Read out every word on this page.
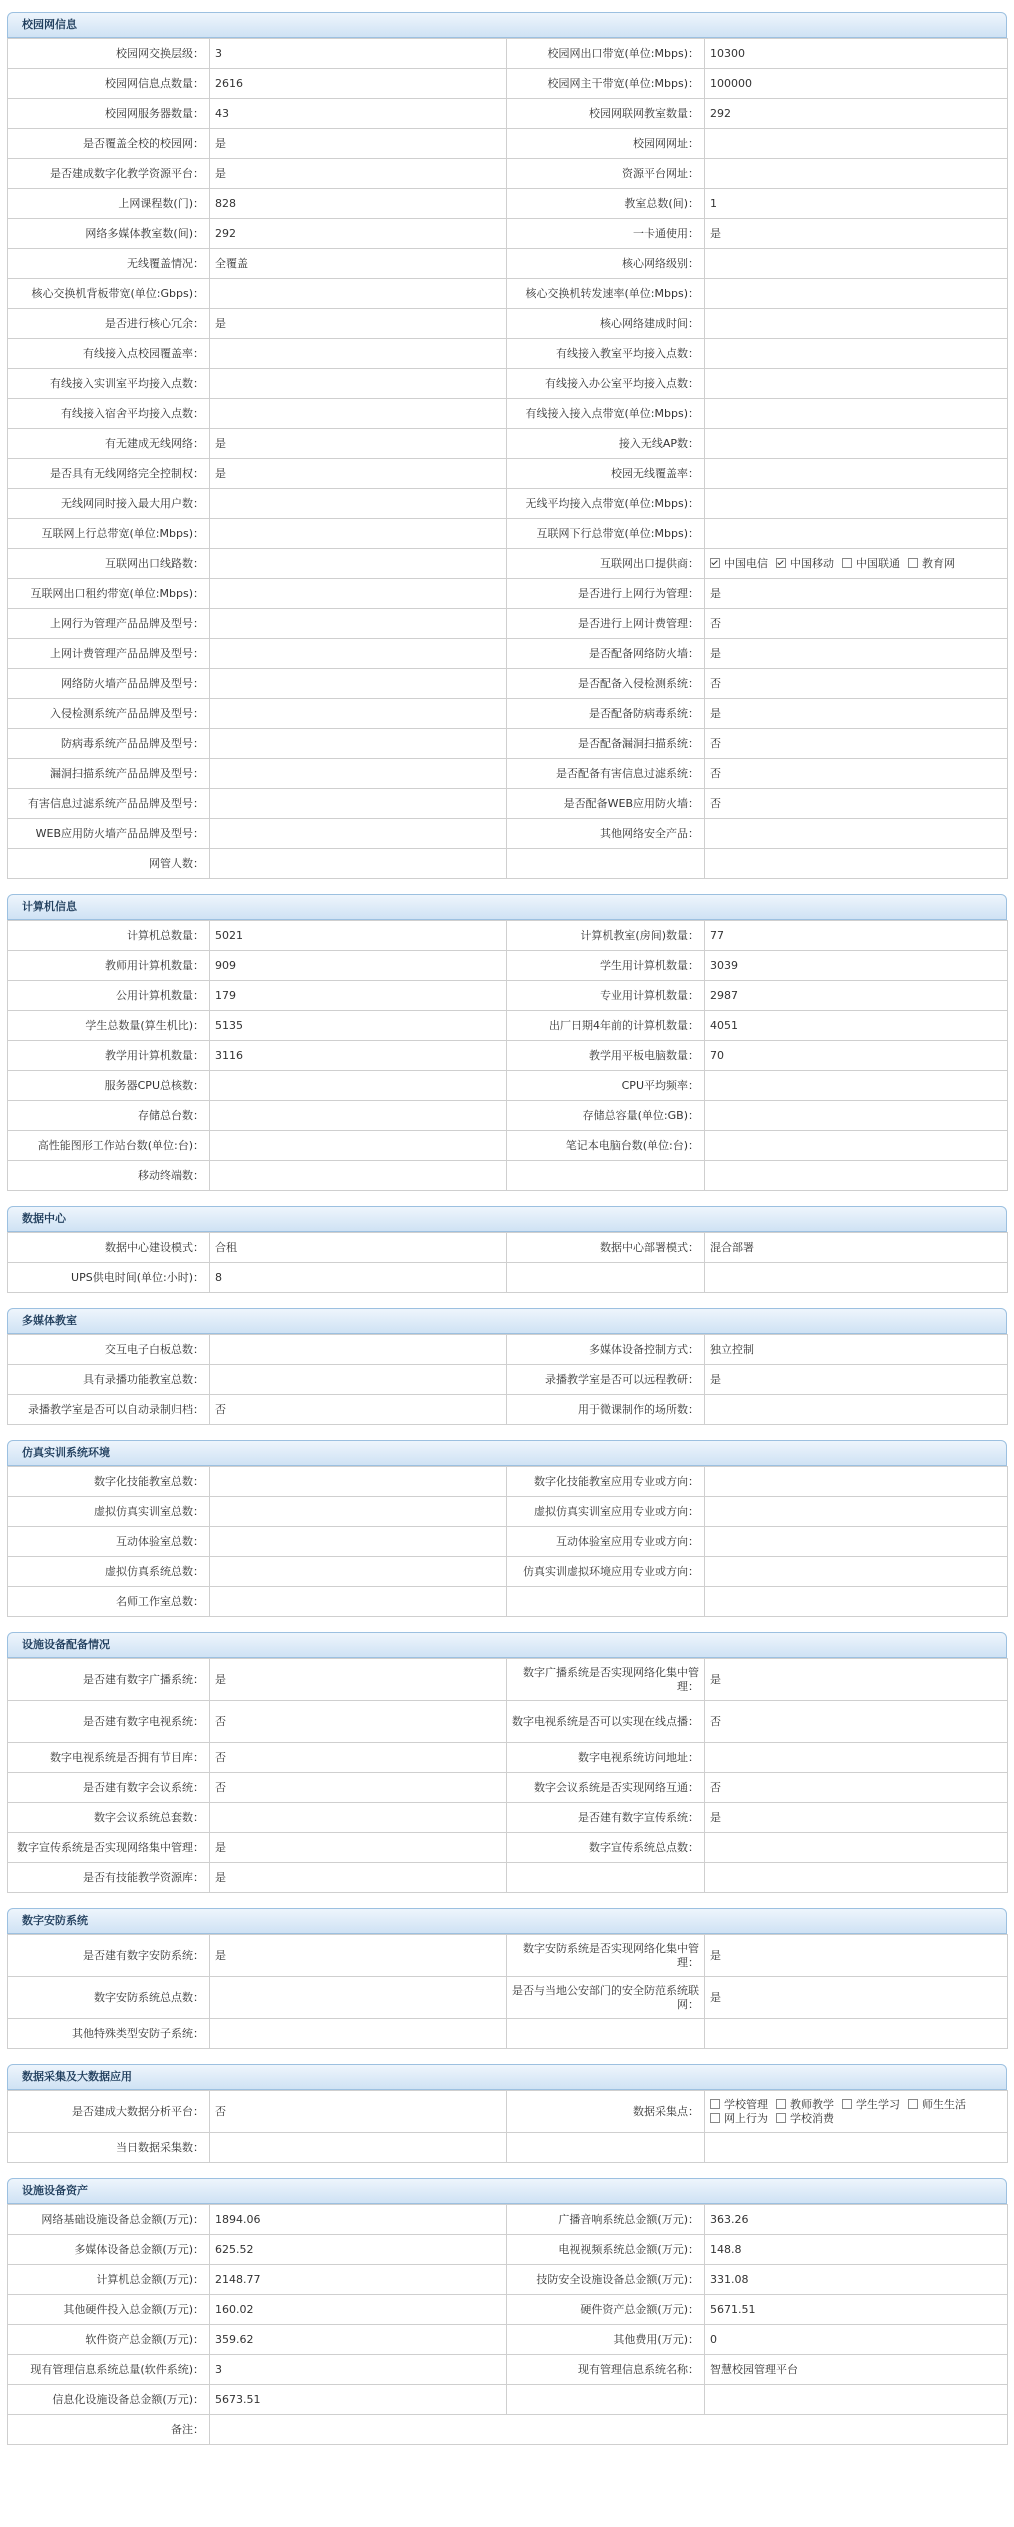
校园网信息
校园网交换层级：	3	校园网出口带宽(单位:Mbps)：	10300
校园网信息点数量：	2616	校园网主干带宽(单位:Mbps)：	100000
校园网服务器数量：	43	校园网联网教室数量：	292
是否覆盖全校的校园网：	是	校园网网址：	
是否建成数字化教学资源平台：	是	资源平台网址：	
上网课程数(门)：	828	教室总数(间)：	1
网络多媒体教室数(间)：	292	一卡通使用：	是
无线覆盖情况：	全覆盖	核心网络级别：	
核心交换机背板带宽(单位:Gbps)：		核心交换机转发速率(单位:Mbps)：	
是否进行核心冗余：	是	核心网络建成时间：	
有线接入点校园覆盖率：		有线接入教室平均接入点数：	
有线接入实训室平均接入点数：		有线接入办公室平均接入点数：	
有线接入宿舍平均接入点数：		有线接入接入点带宽(单位:Mbps)：	
有无建成无线网络：	是	接入无线AP数：	
是否具有无线网络完全控制权：	是	校园无线覆盖率：	
无线网同时接入最大用户数：		无线平均接入点带宽(单位:Mbps)：	
互联网上行总带宽(单位:Mbps)：		互联网下行总带宽(单位:Mbps)：	
互联网出口线路数：		互联网出口提供商：	中国电信 中国移动 中国联通 教育网
互联网出口租约带宽(单位:Mbps)：		是否进行上网行为管理：	是
上网行为管理产品品牌及型号：		是否进行上网计费管理：	否
上网计费管理产品品牌及型号：		是否配备网络防火墙：	是
网络防火墙产品品牌及型号：		是否配备入侵检测系统：	否
入侵检测系统产品品牌及型号：		是否配备防病毒系统：	是
防病毒系统产品品牌及型号：		是否配备漏洞扫描系统：	否
漏洞扫描系统产品品牌及型号：		是否配备有害信息过滤系统：	否
有害信息过滤系统产品品牌及型号：		是否配备WEB应用防火墙：	否
WEB应用防火墙产品品牌及型号：		其他网络安全产品：	
网管人数：			
计算机信息
计算机总数量：	5021	计算机教室(房间)数量：	77
教师用计算机数量：	909	学生用计算机数量：	3039
公用计算机数量：	179	专业用计算机数量：	2987
学生总数量(算生机比)：	5135	出厂日期4年前的计算机数量：	4051
教学用计算机数量：	3116	教学用平板电脑数量：	70
服务器CPU总核数：		CPU平均频率：	
存储总台数：		存储总容量(单位:GB)：	
高性能图形工作站台数(单位:台)：		笔记本电脑台数(单位:台)：	
移动终端数：			
数据中心
数据中心建设模式：	合租	数据中心部署模式：	混合部署
UPS供电时间(单位:小时)：	8		
多媒体教室
交互电子白板总数：		多媒体设备控制方式：	独立控制
具有录播功能教室总数：		录播教学室是否可以远程教研：	是
录播教学室是否可以自动录制归档：	否	用于微课制作的场所数：	
仿真实训系统环境
数字化技能教室总数：		数字化技能教室应用专业或方向：	
虚拟仿真实训室总数：		虚拟仿真实训室应用专业或方向：	
互动体验室总数：		互动体验室应用专业或方向：	
虚拟仿真系统总数：		仿真实训虚拟环境应用专业或方向：	
名师工作室总数：			
设施设备配备情况
是否建有数字广播系统：	是	数字广播系统是否实现网络化集中管理：	是
是否建有数字电视系统：	否	数字电视系统是否可以实现在线点播：	否
数字电视系统是否拥有节目库：	否	数字电视系统访问地址：	
是否建有数字会议系统：	否	数字会议系统是否实现网络互通：	否
数字会议系统总套数：		是否建有数字宣传系统：	是
数字宣传系统是否实现网络集中管理：	是	数字宣传系统总点数：	
是否有技能教学资源库：	是		
数字安防系统
是否建有数字安防系统：	是	数字安防系统是否实现网络化集中管理：	是
数字安防系统总点数：		是否与当地公安部门的安全防范系统联网：	是
其他特殊类型安防子系统：			
数据采集及大数据应用
是否建成大数据分析平台：	否	数据采集点：	学校管理 教师教学 学生学习 师生生活网上行为 学校消费
当日数据采集数：			
设施设备资产
网络基础设施设备总金额(万元)：	1894.06	广播音响系统总金额(万元)：	363.26
多媒体设备总金额(万元)：	625.52	电视视频系统总金额(万元)：	148.8
计算机总金额(万元)：	2148.77	技防安全设施设备总金额(万元)：	331.08
其他硬件投入总金额(万元)：	160.02	硬件资产总金额(万元)：	5671.51
软件资产总金额(万元)：	359.62	其他费用(万元)：	0
现有管理信息系统总量(软件系统)：	3	现有管理信息系统名称：	智慧校园管理平台
信息化设施设备总金额(万元)：	5673.51		
备注：			
